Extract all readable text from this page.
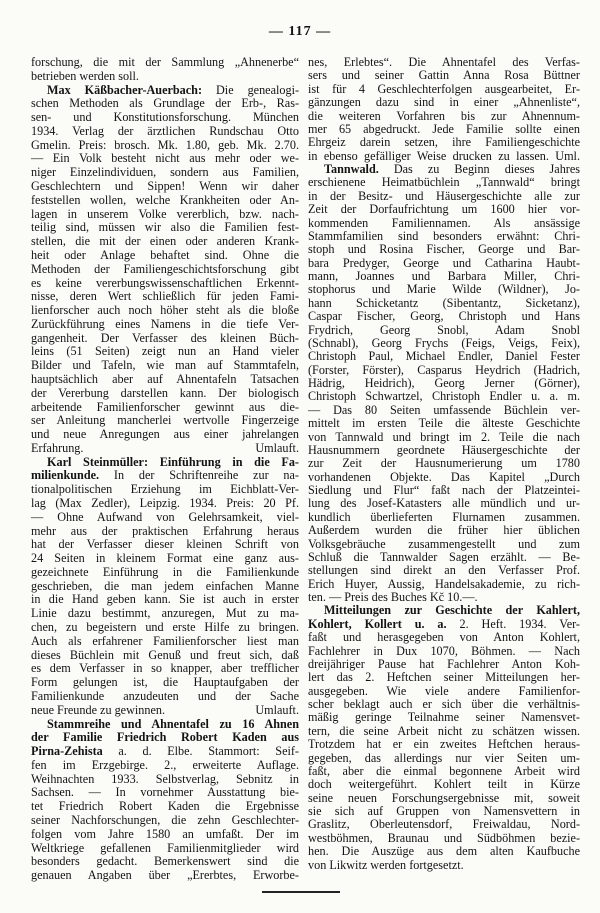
— 117 —
forschung, die mit der Sammlung „Ahnenerbe“
betrieben werden soll.
Max Käßbacher-Auerbach: Die genealogi-
schen Methoden als Grundlage der Erb-, Ras-
sen- und Konstitutionsforschung. München
1934. Verlag der ärztlichen Rundschau Otto
Gmelin. Preis: brosch. Mk. 1.80, geb. Mk. 2.70.
— Ein Volk besteht nicht aus mehr oder we-
niger Einzelindividuen, sondern aus Familien,
Geschlechtern und Sippen! Wenn wir daher
feststellen wollen, welche Krankheiten oder An-
lagen in unserem Volke vererblich, bzw. nach-
teilig sind, müssen wir also die Familien fest-
stellen, die mit der einen oder anderen Krank-
heit oder Anlage behaftet sind. Ohne die
Methoden der Familiengeschichtsforschung gibt
es keine vererbungswissenschaftlichen Erkennt-
nisse, deren Wert schließlich für jeden Fami-
lienforscher auch noch höher steht als die bloße
Zurückführung eines Namens in die tiefe Ver-
gangenheit. Der Verfasser des kleinen Büch-
leins (51 Seiten) zeigt nun an Hand vieler
Bilder und Tafeln, wie man auf Stammtafeln,
hauptsächlich aber auf Ahnentafeln Tatsachen
der Vererbung darstellen kann. Der biologisch
arbeitende Familienforscher gewinnt aus die-
ser Anleitung mancherlei wertvolle Fingerzeige
und neue Anregungen aus einer jahrelangen
Erfahrung.	Umlauft.
Karl Steinmüller: Einführung in die Fa-
milienkunde. In der Schriftenreihe zur na-
tionalpolitischen Erziehung im Eichblatt-Ver-
lag (Max Zedler), Leipzig. 1934. Preis: 20 Pf.
— Ohne Aufwand von Gelehrsamkeit, viel-
mehr aus der praktischen Erfahrung heraus
hat der Verfasser dieser kleinen Schrift von
24 Seiten in kleinem Format eine ganz aus-
gezeichnete Einführung in die Familienkunde
geschrieben, die man jedem einfachen Manne
in die Hand geben kann. Sie ist auch in erster
Linie dazu bestimmt, anzuregen, Mut zu ma-
chen, zu begeistern und erste Hilfe zu bringen.
Auch als erfahrener Familienforscher liest man
dieses Büchlein mit Genuß und freut sich, daß
es dem Verfasser in so knapper, aber trefflicher
Form gelungen ist, die Hauptaufgaben der
Familienkunde anzudeuten und der Sache
neue Freunde zu gewinnen.	Umlauft.
Stammreihe und Ahnentafel zu 16 Ahnen
der Familie Friedrich Robert Kaden aus
Pirna-Zehista a. d. Elbe. Stammort: Seif-
fen im Erzgebirge. 2., erweiterte Auflage.
Weihnachten 1933. Selbstverlag, Sebnitz in
Sachsen. — In vornehmer Ausstattung bie-
tet Friedrich Robert Kaden die Ergebnisse
seiner Nachforschungen, die zehn Geschlechter-
folgen vom Jahre 1580 an umfaßt. Der im
Weltkriege gefallenen Familienmitglieder wird
besonders gedacht. Bemerkenswert sind die
genauen Angaben über „Ererbtes, Erworbe-
nes, Erlebtes“. Die Ahnentafel des Verfas-
sers und seiner Gattin Anna Rosa Büttner
ist für 4 Geschlechterfolgen ausgearbeitet, Er-
gänzungen dazu sind in einer „Ahnenliste“,
die weiteren Vorfahren bis zur Ahnennum-
mer 65 abgedruckt. Jede Familie sollte einen
Ehrgeiz darein setzen, ihre Familiengeschichte
in ebenso gefälliger Weise drucken zu lassen. Uml.
Tannwald. Das zu Beginn dieses Jahres
erschienene Heimatbüchlein „Tannwald“ bringt
in der Besitz- und Häusergeschichte alle zur
Zeit der Dorfaufrichtung um 1600 hier vor-
kommenden Familiennamen. Als ansässige
Stammfamilien sind besonders erwähnt: Chri-
stoph und Rosina Fischer, George und Bar-
bara Predyger, George und Catharina Haubt-
mann, Joannes und Barbara Miller, Chri-
stophorus und Marie Wilde (Wildner), Jo-
hann Schicketantz (Sibentantz, Sicketanz),
Caspar Fischer, Georg, Christoph und Hans
Frydrich, Georg Snobl, Adam Snobl
(Schnabl), Georg Frychs (Feigs, Veigs, Feix),
Christoph Paul, Michael Endler, Daniel Fester
(Forster, Förster), Casparus Heydrich (Hadrich,
Hädrig, Heidrich), Georg Jerner (Görner),
Christoph Schwartzel, Christoph Endler u. a. m.
— Das 80 Seiten umfassende Büchlein ver-
mittelt im ersten Teile die älteste Geschichte
von Tannwald und bringt im 2. Teile die nach
Hausnummern geordnete Häusergeschichte der
zur Zeit der Hausnumerierung um 1780
vorhandenen Objekte. Das Kapitel „Durch
Siedlung und Flur“ faßt nach der Platzeintei-
lung des Josef-Katasters alle mündlich und ur-
kundlich überlieferten Flurnamen zusammen.
Außerdem wurden die früher hier üblichen
Volksgebräuche zusammengestellt und zum
Schluß die Tannwalder Sagen erzählt. — Be-
stellungen sind direkt an den Verfasser Prof.
Erich Huyer, Aussig, Handelsakademie, zu rich-
ten. — Preis des Buches Kč 10.—.
Mitteilungen zur Geschichte der Kahlert,
Kohlert, Kollert u. a. 2. Heft. 1934. Ver-
faßt und herasgegeben von Anton Kohlert,
Fachlehrer in Dux 1070, Böhmen. — Nach
dreijähriger Pause hat Fachlehrer Anton Koh-
lert das 2. Heftchen seiner Mitteilungen her-
ausgegeben. Wie viele andere Familienfor-
scher beklagt auch er sich über die verhältnis-
mäßig geringe Teilnahme seiner Namensvet-
tern, die seine Arbeit nicht zu schätzen wissen.
Trotzdem hat er ein zweites Heftchen heraus-
gegeben, das allerdings nur vier Seiten um-
faßt, aber die einmal begonnene Arbeit wird
doch weitergeführt. Kohlert teilt in Kürze
seine neuen Forschungsergebnisse mit, soweit
sie sich auf Gruppen von Namensvettern in
Graslitz, Oberleutensdorf, Freiwaldau, Nord-
westböhmen, Braunau und Südböhmen bezie-
hen. Die Auszüge aus dem alten Kaufbuche
von Likwitz werden fortgesetzt.
